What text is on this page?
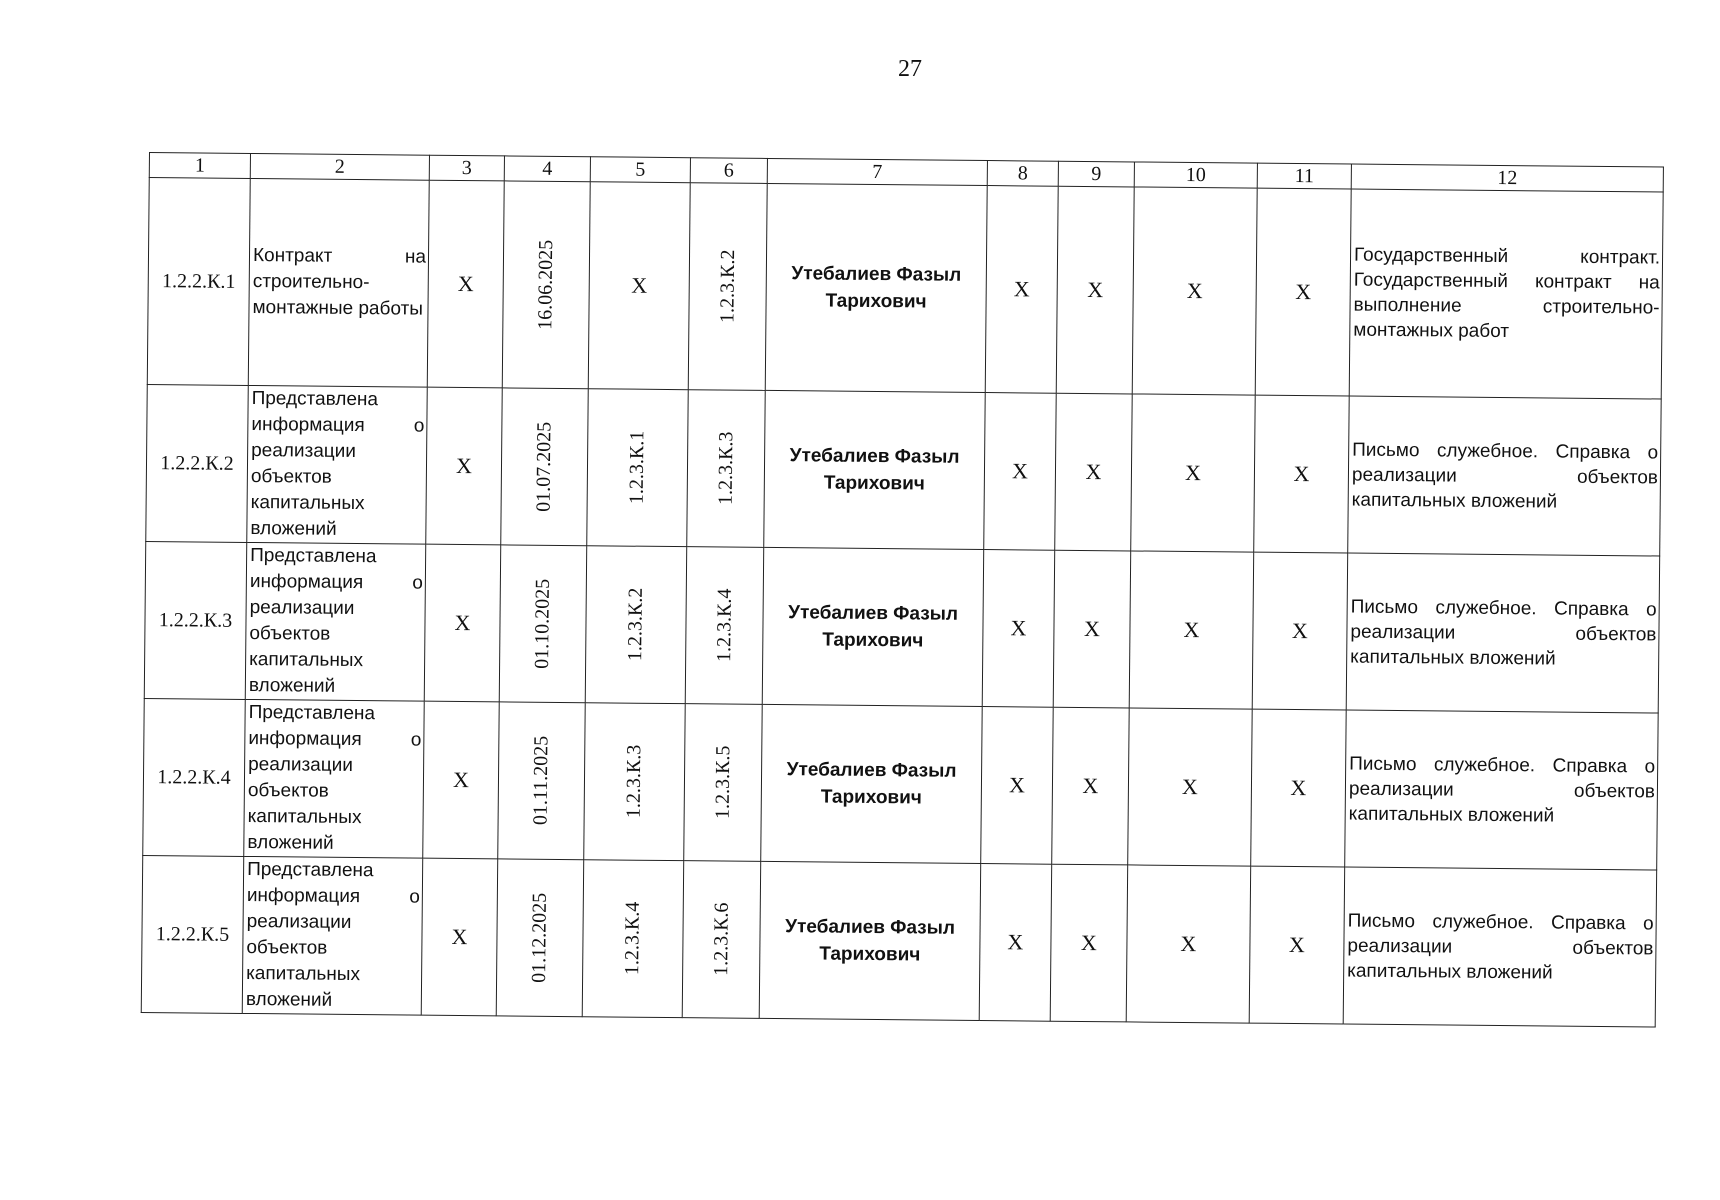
27
1	2	3	4	5	6	7	8	9	10	11	12
1.2.2.К.1	Контракт на строительно-монтажные работы	X	16.06.2025	X	1.2.3.К.2	Утебалиев Фазыл Тарихович	X	X	X	X	Государственный контракт. Государственный контракт на выполнение строительно-монтажных работ
1.2.2.К.2	Представлена информация о реализации объектов капитальных вложений	X	01.07.2025	1.2.3.К.1	1.2.3.К.3	Утебалиев Фазыл Тарихович	X	X	X	X	Письмо служебное. Справка о реализации объектов капитальных вложений
1.2.2.К.3	Представлена информация о реализации объектов капитальных вложений	X	01.10.2025	1.2.3.К.2	1.2.3.К.4	Утебалиев Фазыл Тарихович	X	X	X	X	Письмо служебное. Справка о реализации объектов капитальных вложений
1.2.2.К.4	Представлена информация о реализации объектов капитальных вложений	X	01.11.2025	1.2.3.К.3	1.2.3.К.5	Утебалиев Фазыл Тарихович	X	X	X	X	Письмо служебное. Справка о реализации объектов капитальных вложений
1.2.2.К.5	Представлена информация о реализации объектов капитальных вложений	X	01.12.2025	1.2.3.К.4	1.2.3.К.6	Утебалиев Фазыл Тарихович	X	X	X	X	Письмо служебное. Справка о реализации объектов капитальных вложений
